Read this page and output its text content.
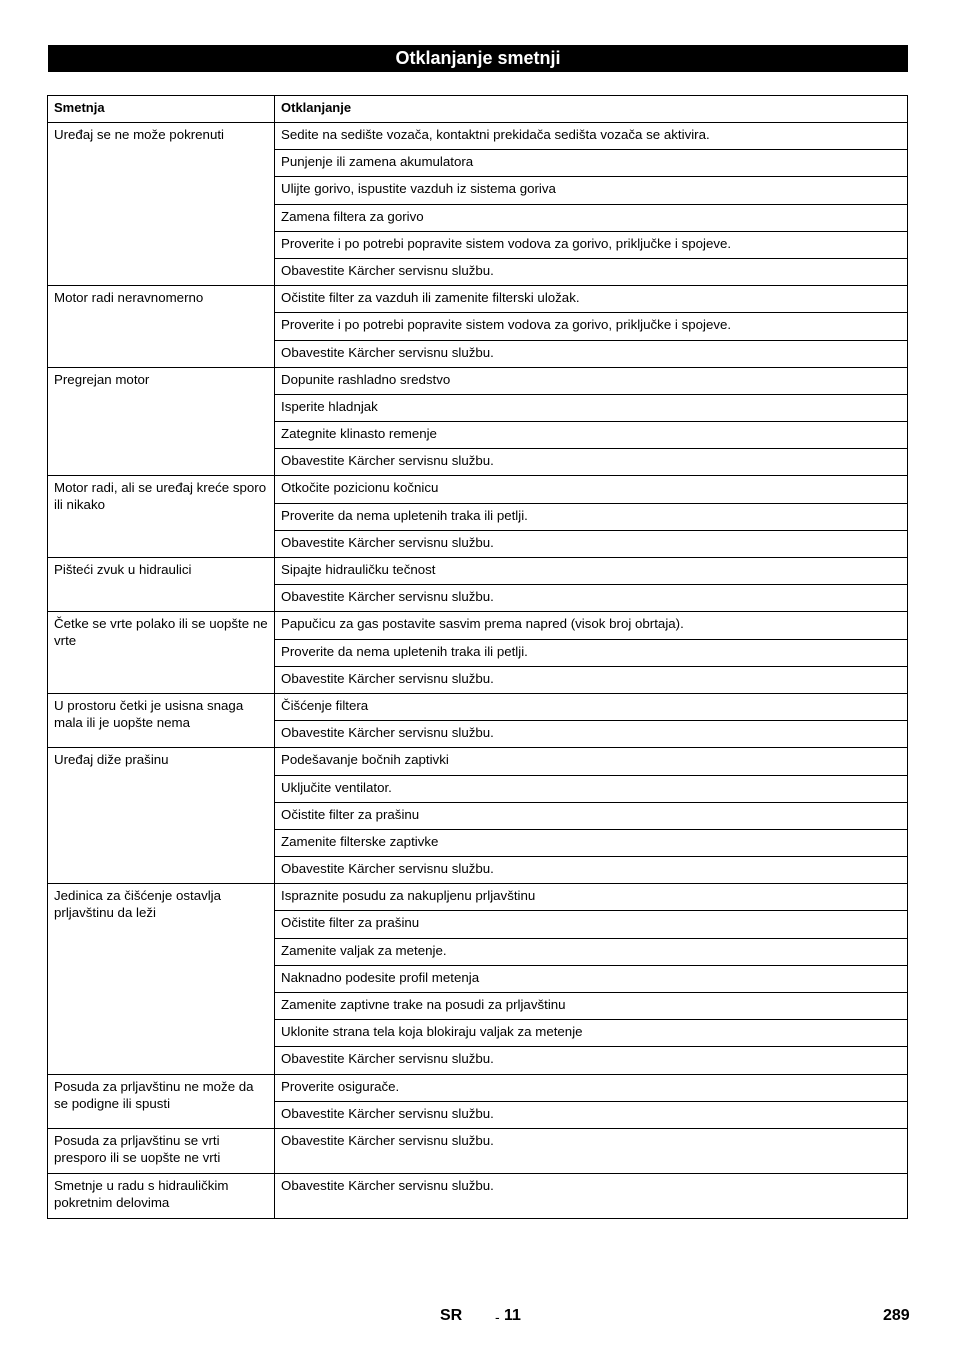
Otklanjanje smetnji
Smetnja	Otklanjanje
Uređaj se ne može pokrenuti	Sedite na sedište vozača, kontaktni prekidača sedišta vozača se aktivira.
	Punjenje ili zamena akumulatora
	Ulijte gorivo, ispustite vazduh iz sistema goriva
	Zamena filtera za gorivo
	Proverite i po potrebi popravite sistem vodova za gorivo, priključke i spojeve.
	Obavestite Kärcher servisnu službu.
Motor radi neravnomerno	Očistite filter za vazduh ili zamenite filterski uložak.
	Proverite i po potrebi popravite sistem vodova za gorivo, priključke i spojeve.
	Obavestite Kärcher servisnu službu.
Pregrejan motor	Dopunite rashladno sredstvo
	Isperite hladnjak
	Zategnite klinasto remenje
	Obavestite Kärcher servisnu službu.
Motor radi, ali se uređaj kreće sporo ili nikako	Otkočite pozicionu kočnicu
	Proverite da nema upletenih traka ili petlji.
	Obavestite Kärcher servisnu službu.
Pišteći zvuk u hidraulici	Sipajte hidrauličku tečnost
	Obavestite Kärcher servisnu službu.
Četke se vrte polako ili se uopšte ne vrte	Papučicu za gas postavite sasvim prema napred (visok broj obrtaja).
	Proverite da nema upletenih traka ili petlji.
	Obavestite Kärcher servisnu službu.
U prostoru četki je usisna snaga mala ili je uopšte nema	Čišćenje filtera
	Obavestite Kärcher servisnu službu.
Uređaj diže prašinu	Podešavanje bočnih zaptivki
	Uključite ventilator.
	Očistite filter za prašinu
	Zamenite filterske zaptivke
	Obavestite Kärcher servisnu službu.
Jedinica za čišćenje ostavlja prljavštinu da leži	Ispraznite posudu za nakupljenu prljavštinu
	Očistite filter za prašinu
	Zamenite valjak za metenje.
	Naknadno podesite profil metenja
	Zamenite zaptivne trake na posudi za prljavštinu
	Uklonite strana tela koja blokiraju valjak za metenje
	Obavestite Kärcher servisnu službu.
Posuda za prljavštinu ne može da se podigne ili spusti	Proverite osigurače.
	Obavestite Kärcher servisnu službu.
Posuda za prljavštinu se vrti presporo ili se uopšte ne vrti	Obavestite Kärcher servisnu službu.
Smetnje u radu s hidrauličkim pokretnim delovima	Obavestite Kärcher servisnu službu.
SR - 11	289
